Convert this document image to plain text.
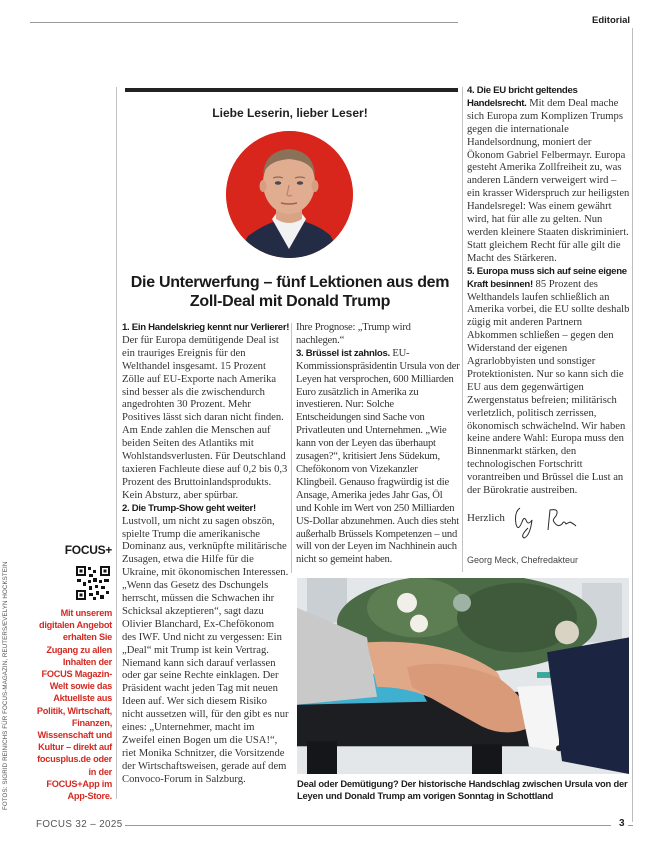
Editorial
Liebe Leserin, lieber Leser!
Die Unterwerfung – fünf Lektionen aus dem Zoll-Deal mit Donald Trump

1. Ein Handelskrieg kennt nur Verlierer! Der für Europa demütigende Deal ist ein trauriges Ereignis für den Welthandel insgesamt. 15 Prozent Zölle auf EU-Exporte nach Amerika sind besser als die zwischendurch angedrohten 30 Prozent. Mehr Positives lässt sich daran nicht finden. Am Ende zahlen die Menschen auf beiden Seiten des Atlantiks mit Wohlstandsverlusten. Für Deutschland taxieren Fachleute diese auf 0,2 bis 0,3 Prozent des Bruttoinlandsprodukts. Kein Absturz, aber spürbar.

2. Die Trump-Show geht weiter! Lustvoll, um nicht zu sagen obszön, spielte Trump die amerikanische Dominanz aus, verknüpfte militärische Zusagen, etwa die Hilfe für die Ukraine, mit ökonomischen Interessen. „Wenn das Gesetz des Dschungels herrscht, müssen die Schwachen ihr Schicksal akzeptieren“, sagt dazu Olivier Blanchard, Ex-Chefökonom des IWF. Und nicht zu vergessen: Ein „Deal“ mit Trump ist kein Vertrag. Niemand kann sich darauf verlassen oder gar seine Rechte einklagen. Der Präsident wacht jeden Tag mit neuen Ideen auf. Wer sich diesem Risiko nicht aussetzen will, für den gibt es nur eines: „Unternehmer, macht im Zweifel einen Bogen um die USA!“, riet Monika Schnitzer, die Vorsitzende der Wirtschaftsweisen, gerade auf dem Convoco-Forum in Salzburg.

Ihre Prognose: „Trump wird nachlegen.“

3. Brüssel ist zahnlos. EU-Kommissionspräsidentin Ursula von der Leyen hat versprochen, 600 Milliarden Euro zusätzlich in Amerika zu investieren. Nur: Solche Entscheidungen sind Sache von Privatleuten und Unternehmen. „Wie kann von der Leyen das überhaupt zusagen?“, kritisiert Jens Südekum, Chefökonom von Vizekanzler Klingbeil. Genauso fragwürdig ist die Ansage, Amerika jedes Jahr Gas, Öl und Kohle im Wert von 250 Milliarden US-Dollar abzunehmen. Auch dies steht außerhalb Brüssels Kompetenzen – und will von der Leyen im Nachhinein auch nicht so gemeint haben.

4. Die EU bricht geltendes Handelsrecht. Mit dem Deal mache sich Europa zum Komplizen Trumps gegen die internationale Handelsordnung, moniert der Ökonom Gabriel Felbermayr. Europa gesteht Amerika Zollfreiheit zu, was anderen Ländern verweigert wird – ein krasser Widerspruch zur heiligsten Handelsregel: Was einem gewährt wird, hat für alle zu gelten. Nun werden kleinere Staaten diskriminiert. Statt gleichem Recht für alle gilt die Macht des Stärkeren.

5. Europa muss sich auf seine eigene Kraft besinnen! 85 Prozent des Welthandels laufen schließlich an Amerika vorbei, die EU sollte deshalb zügig mit anderen Partnern Abkommen schließen – gegen den Widerstand der eigenen Agrarlobbyisten und sonstiger Protektionisten. Nur so kann sich die EU aus dem gegenwärtigen Zwergenstatus befreien; militärisch verletzlich, politisch zerrissen, ökonomisch schwächelnd. Wir haben keine andere Wahl: Europa muss den Binnenmarkt stärken, den technologischen Fortschritt vorantreiben und Brüssel die Lust an der Bürokratie austreiben.

Herzlich
Georg Meck, Chefredakteur
Deal oder Demütigung? Der historische Handschlag zwischen Ursula von der Leyen und Donald Trump am vorigen Sonntag in Schottland
FOCUS+
Mit unserem digitalen Angebot erhalten Sie Zugang zu allen Inhalten der FOCUS Magazin-Welt sowie das Aktuellste aus Politik, Wirtschaft, Finanzen, Wissenschaft und Kultur – direkt auf focusplus.de oder in der FOCUS+App im App-Store.
FOTOS: SIGRID REINICHS FÜR FOCUS-MAGAZIN, REUTERS/EVELYN HOCKSTEIN
FOCUS 32 – 2025	3
